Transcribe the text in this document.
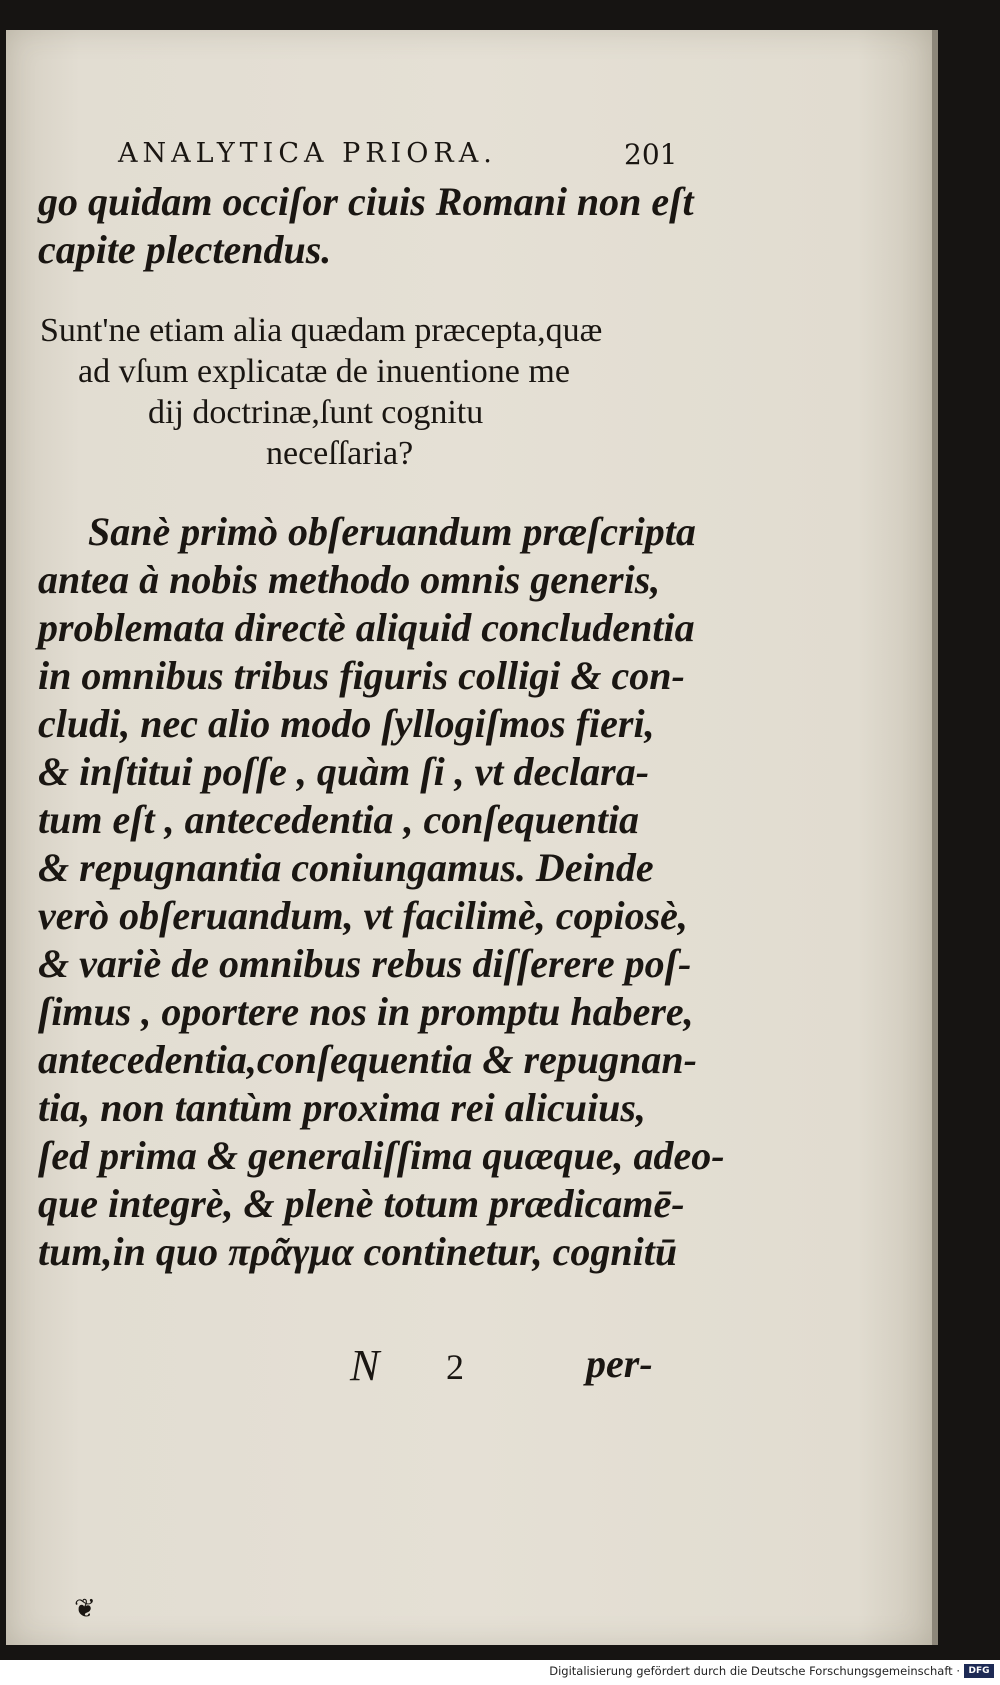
ANALYTICA PRIORA.	201
go quidam occiſor ciuis Romani non eſt
capite plectendus.
Sunt'ne etiam alia quædam præcepta,quæ
ad vſum explicatæ de inuentione me
dij doctrinæ,ſunt cognitu
neceſſaria?
Sanè primò obſeruandum præſcripta
antea à nobis methodo omnis generis,
problemata directè aliquid concludentia
in omnibus tribus figuris colligi & con-
cludi, nec alio modo ſyllogiſmos fieri,
& inſtitui poſſe , quàm ſi , vt declara-
tum eſt , antecedentia , conſequentia
& repugnantia coniungamus. Deinde
verò obſeruandum, vt facilimè, copiosè,
& variè de omnibus rebus diſſerere poſ-
ſimus , oportere nos in promptu habere,
antecedentia,conſequentia & repugnan-
tia, non tantùm proxima rei alicuius,
ſed prima & generaliſſima quæque, adeo-
que integrè, & plenè totum prædicamē-
tum,in quo πρᾶγμα continetur, cognitū
N 2	per-
❦
Digitalisierung gefördert durch die Deutsche Forschungsgemeinschaft · DFG
